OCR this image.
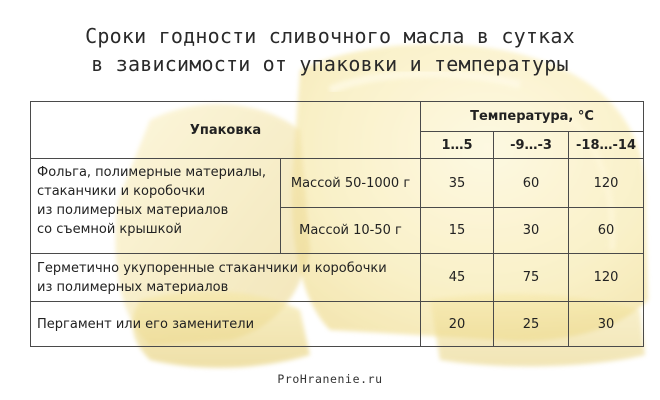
Сроки годности сливочного масла в сутках
в зависимости от упаковки и температуры
Упаковка		Температура, °С		
		1…5	-9…-3	-18…-14

Фольга, полимерные материалы,
стаканчики и коробочки
из полимерных материалов
со съемной крышкой	Массой 50-1000 г	35	60	120
	Массой 10-50 г	15	30	60

Герметично укупоренные стаканчики и коробочки
из полимерных материалов		45	75	120

Пергамент или его заменители		20	25	30
ProHranenie.ru
